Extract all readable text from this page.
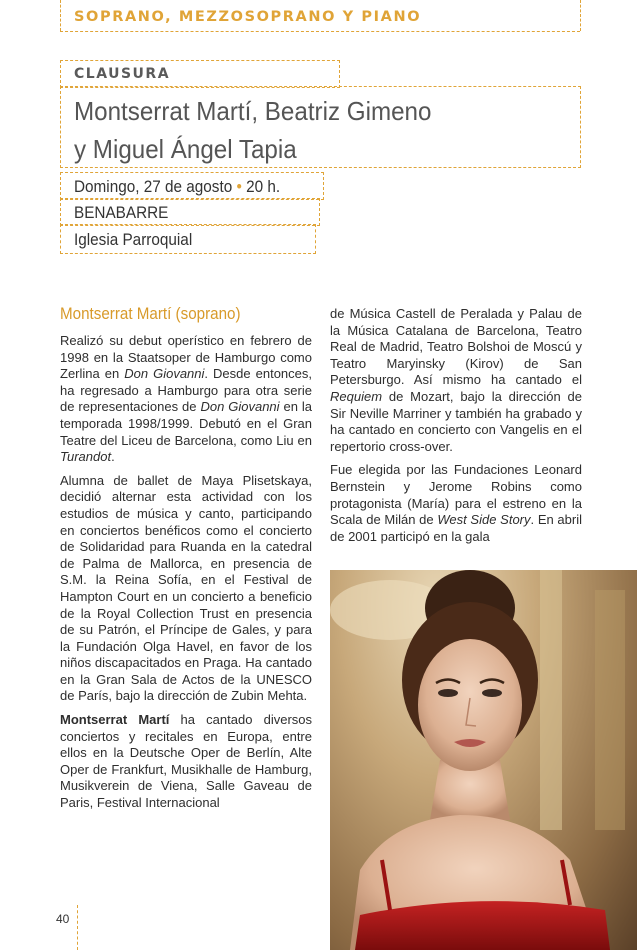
SOPRANO, MEZZOSOPRANO Y PIANO
CLAUSURA
Montserrat Martí, Beatriz Gimeno
y Miguel Ángel Tapia
Domingo, 27 de agosto • 20 h.
BENABARRE
Iglesia Parroquial
Montserrat Martí (soprano)

Realizó su debut operístico en febrero de 1998 en la Staatsoper de Hamburgo como Zerlina en Don Giovanni. Desde entonces, ha regresado a Hamburgo para otra serie de representaciones de Don Giovanni en la temporada 1998/1999. Debutó en el Gran Teatre del Liceu de Barcelona, como Liu en Turandot.

Alumna de ballet de Maya Plisetskaya, decidió alternar esta actividad con los estudios de música y canto, participando en conciertos benéficos como el concierto de Solidaridad para Ruanda en la catedral de Palma de Mallorca, en presencia de S.M. la Reina Sofía, en el Festival de Hampton Court en un concierto a beneficio de la Royal Collection Trust en presencia de su Patrón, el Príncipe de Gales, y para la Fundación Olga Havel, en favor de los niños discapacitados en Praga. Ha cantado en la Gran Sala de Actos de la UNESCO de París, bajo la dirección de Zubin Mehta.

Montserrat Martí ha cantado diversos conciertos y recitales en Europa, entre ellos en la Deutsche Oper de Berlín, Alte Oper de Frankfurt, Musikhalle de Hamburg, Musikverein de Viena, Salle Gaveau de Paris, Festival Internacional

de Música Castell de Peralada y Palau de la Música Catalana de Barcelona, Teatro Real de Madrid, Teatro Bolshoi de Moscú y Teatro Maryinsky (Kirov) de San Petersburgo. Así mismo ha cantado el Requiem de Mozart, bajo la dirección de Sir Neville Marriner y también ha grabado y ha cantado en concierto con Vangelis en el repertorio cross-over.

Fue elegida por las Fundaciones Leonard Bernstein y Jerome Robins como protagonista (María) para el estreno en la Scala de Milán de West Side Story. En abril de 2001 participó en la gala

40
